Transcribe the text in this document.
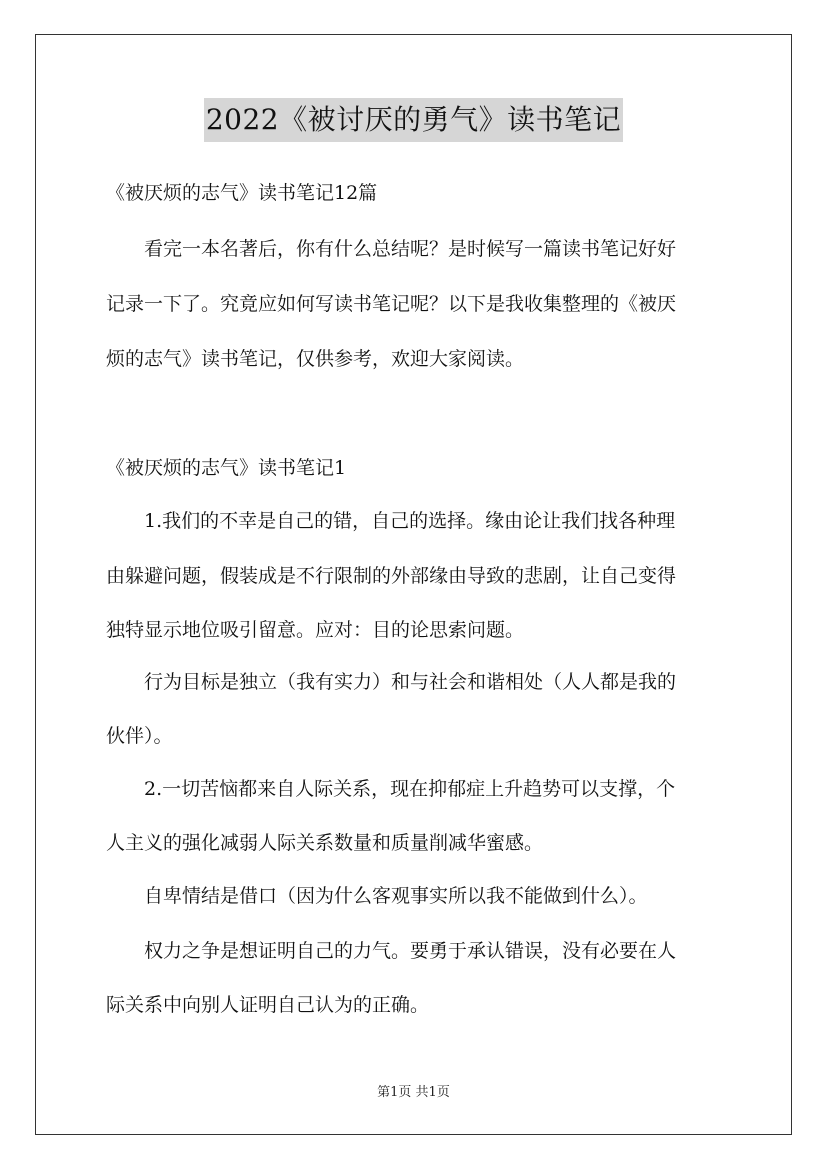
2022《被讨厌的勇气》读书笔记
《被厌烦的志气》读书笔记12篇
看完一本名著后，你有什么总结呢？是时候写一篇读书笔记好好
记录一下了。究竟应如何写读书笔记呢？以下是我收集整理的《被厌
烦的志气》读书笔记，仅供参考，欢迎大家阅读。
《被厌烦的志气》读书笔记1
1.我们的不幸是自己的错，自己的选择。缘由论让我们找各种理
由躲避问题，假装成是不行限制的外部缘由导致的悲剧，让自己变得
独特显示地位吸引留意。应对：目的论思索问题。
行为目标是独立（我有实力）和与社会和谐相处（人人都是我的
伙伴）。
2.一切苦恼都来自人际关系，现在抑郁症上升趋势可以支撑，个
人主义的强化减弱人际关系数量和质量削减华蜜感。
自卑情结是借口（因为什么客观事实所以我不能做到什么）。
权力之争是想证明自己的力气。要勇于承认错误，没有必要在人
际关系中向别人证明自己认为的正确。
第1页 共1页
